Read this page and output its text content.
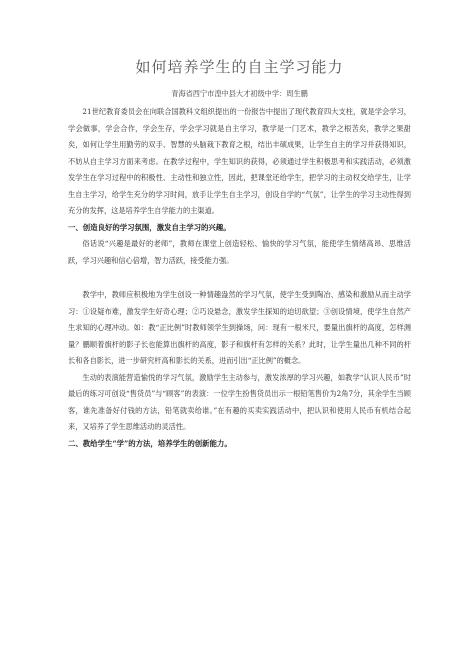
如何培养学生的自主学习能力

青海省西宁市湟中县大才初级中学：周生鹏

21世纪教育委员会在向联合国教科文组织提出的一份报告中提出了现代教育四大支柱，就是学会学习，学会做事，学会合作，学会生存，学会学习就是自主学习，教学是一门艺术，教学之根苦矣，教学之果甜矣，如何让学生用勤劳的双手、智慧的头脑栽下教育之根，结出丰硕成果，让学生自主的学习并获得知识，不妨从自主学习方面来考虑。在教学过程中，学生知识的获得，必须通过学生积极思考和实践活动，必须激发学生在学习过程中的积极性、主动性和独立性，因此，把课堂还给学生，把学习的主动权交给学生，让学生自主学习，给学生充分的学习时间，放手让学生自主学习，创设自学的“气氛”，让学生的学习主动性得到充分的发挥，这是培养学生自学能力的主渠道。

一、创造良好的学习氛围，激发自主学习的兴趣。

俗话说“兴趣是最好的老师”，教师在课堂上创造轻松、愉快的学习气氛，能使学生情绪高昂、思维活跃，学习兴趣和信心倍增，智力活跃，接受能力强。

教学中，教师应积极地为学生创设一种情趣盎然的学习气氛，使学生受到陶冶、感染和激励从而主动学习：①设疑布难，激发学生好奇心理；②巧设悬念，激发学生探知的迫切欲望；③创设情境，使学生自然产生求知的心理冲动。如：教“正比例”时教师领学生到操场，问：现有一根米尺，要量出旗杆的高度，怎样测量？鹏顺着旗杆的影子长也能算出旗杆的高度，影子和旗杆有怎样的关系？此时，让学生量出几种不同的杆长和各自影长，进一步研究杆高和影长的关系，进而引出“正比例”的概念。

生动的表演能营造愉悦的学习气氛，激励学生主动参与，激发浓厚的学习兴趣，如教学“认识人民币”时最后的练习可创设“售货员”与“顾客”的表演：一位学生扮售货员出示一根铅笔售价为2角7分，其余学生当顾客，谁先准备好付钱的方法，铅笔就卖给谁。”在有趣的买卖实践活动中，把认识和使用人民币有机结合起来，又培养了学生思维活动的灵活性。

二、教给学生“学”的方法，培养学生的创新能力。
